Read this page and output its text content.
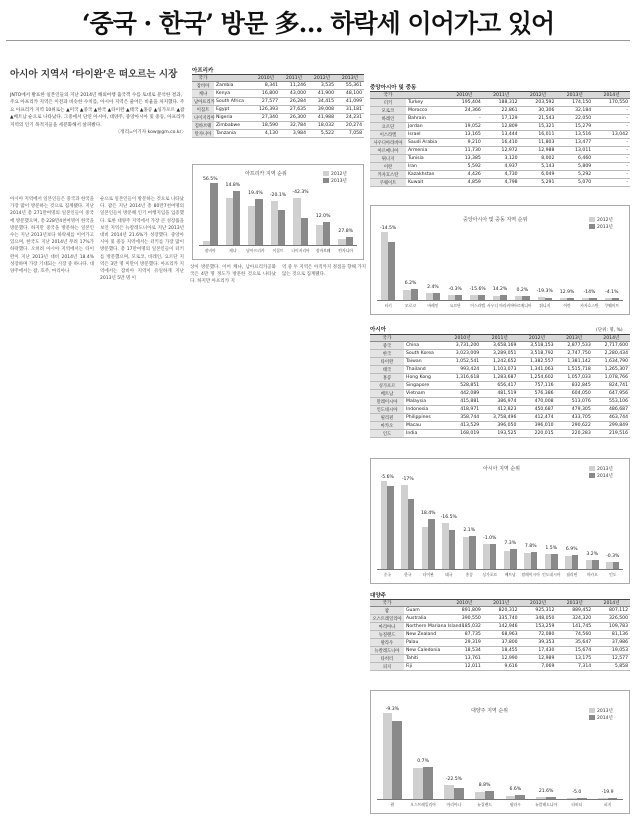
‘중국 · 한국’ 방문 多… 하락세 이어가고 있어
아시아 지역서 ‘타이완’은 떠오르는 시장
JNTO에서 발표한 일본인들의 지난 2014년 해외여행 출국객 수를 토대로 분석한 결과, 주요 아프리카 지역은 이전과 비슷한 수치를, 아시아 지역은 줄어든 비율을 차지했다. 주요 아프리카 지역 10위로는 ▲미국 ▲중국 ▲한국 ▲타이완 ▲태국 ▲홍콩 ▲싱가포르 ▲괌 ▲베트남 순으로 나타났다. 그중에서 단연 아시아, 대양주, 중앙아시아 및 중동, 아프리카 지역의 인기 목적지들을 세분화해서 살펴봤다.
〈정리=이기자 kow@gm.co.kr〉
아시아 지역에서 일본인들은 중국과 한국을 가장 많이 방문하는 것으로 집계됐다. 지난 2014년 총 271만여명의 일본인들이 중국에 방문했으며, 총 228만4천여명이 한국을 방문했다. 하지만 중국을 방문하는 일본인 수는 지난 2013년보다 하락세를 이어가고 있으며, 한국도 지난 2014년 무려 17%가 하락했다. 오히려 아시아 지역에서는 타이완이 지난 2013년 대비 2014년 18.4% 성장하며 가장 기대되는 시장 중 하나다. 대양주에서는 괌, 호주, 마리아나
순으로 일본인들이 방문하는 것으로 나타났다. 괌은 지난 2014년 총 80만7천여명의 일본인들이 방문해 인기 여행지임을 입증했다. 또한 대양주 지역에서 가장 큰 성장률을 보인 지역은 뉴칼레도니아로 지난 2013년 대비 2014년 21.6%가 성장했다. 중앙아시아 및 중동 지역에서는 터키를 가장 많이 방문했다. 총 17만여명의 일본인들이 터키를 방문했으며, 모로코, 바레인, 요르단 지역은 3만 명 미만이 방문했다. 아프리카 지역에서는 잠비아 지역이 유일하게 지난 2013년 5만 명 이
상이 방문했다. 이어 케냐, 남아프리카공화국은 4만 명 정도가 방문한 것으로 나타났다. 하지만 아프리카 지
역 중 두 지역은 아직까지 정점을 향해 가지 않는 것으로 집계됐다.
아프리카
국가		2010년	2011년	2012년	2013년
잠비아	Zambia	8,341	11,246	3,535	55,361
케냐	Kenya	16,800	43,000	41,900	48,100
남아프리카	South Africa	27,577	26,284	34,415	41,099
이집트	Egypt	126,393	27,635	39,008	31,181
나이지리아	Nigeria	27,340	26,300	41,988	24,231
짐바브웨	Zimbabwe	18,590	32,784	18,032	20,274
탄자니아	Tanzania	4,130	3,984	5,522	7,058
아프리카 지역 순위	2012년
2013년
56.5%
잠비아
14.8%
케냐
19.4%
남아프리카
-20.1%
이집트
-42.3%
나이지리아
12.0%
짐바브웨
27.8%
탄자니아
중앙아시아 및 중동
국가		2010년	2011년	2012년	2013년	2014년
터키	Turkey	195,404	188,312	203,592	174,150	170,550
모로코	Morocco	24,366	22,861	30,306	32,184	-
바레인	Bahrain	-	17,129	21,543	22,050	-
요르단	Jordan	19,052	12,809	15,321	15,279	-
이스라엘	Israel	13,165	13,444	16,011	13,516	13,042
사우디아라비아	Saudi Arabia	9,210	16,410	11,803	13,477	-
아르메니아	Armenia	11,730	12,972	12,988	13,011	-
튀니지	Tunisia	13,385	3,120	8,002	6,460	-
이란	Iran	5,592	4,937	5,143	5,809	-
카자흐스탄	Kazakhstan	4,426	4,730	6,049	5,292	-
쿠웨이트	Kuwait	4,859	4,798	5,291	5,070	-
중앙아시아 및 중동 지역 순위	2012년
2013년
-14.5%
터키
6.2%
모로코
2.4%
바레인
-0.3%
요르단
-15.6%
이스라엘
14.2%
사우디 아라비아
0.2%
아르메니아
-19.3%
튀니지
12.9%
이란
-14%
카자흐스탄
-4.1%
쿠웨이트
아시아	(단위: 명, %)
국가		2010년	2011년	2012년	2013년	2014년
중국	China	3,731,200	3,658,169	3,518,153	2,877,533	2,717,600
한국	South Korea	3,023,009	3,289,051	3,518,792	2,747,750	2,280,434
타이완	Taiwan	1,052,541	1,242,652	1,382,557	1,381,142	1,634,790
태국	Thailand	993,424	1,103,073	1,341,063	1,515,718	1,265,307
홍콩	Hong Kong	1,316,618	1,283,687	1,254,602	1,057,033	1,078,766
싱가포르	Singapore	528,851	656,417	757,116	832,845	824,741
베트남	Vietnam	442,089	481,519	576,386	604,050	647,956
말레이시아	Malaysia	415,881	386,974	470,008	513,076	553,106
인도네시아	Indonesia	418,971	412,823	450,687	479,305	486,687
필리핀	Philippines	358,744	3,758,496	412,474	433,705	463,744
마카오	Macau	413,529	396,050	396,010	290,622	299,849
인도	India	168,019	193,525	220,015	220,283	219,516
아시아 지역 순위	2013년
2014년
-5.6%
중국
-17%
한국
18.4%
타이완
-16.5%
태국
2.1%
홍콩
-1.0%
싱가포르
7.3%
베트남
7.8%
말레이시아
1.5%
인도네시아
6.9%
필리핀
3.2%
마카오
-0.3%
인도
대양주
국가		2010년	2011년	2012년	2013년	2014년
괌	Guam	891,809	820,312	925,312	889,452	807,112
오스트레일리아	Australia	390,550	335,740	348,050	324,320	326,500
마리아나	Northern Mariana Islands	185,032	142,946	153,259	141,745	109,783
뉴질랜드	New Zealand	87,735	68,963	72,080	74,560	81,136
팔라우	Palau	29,319	37,800	39,353	35,647	37,986
뉴칼레도니아	New Caledonia	18,534	18,455	17,430	15,674	19,053
타히티	Tahiti	13,761	12,990	12,989	13,175	12,577
피지	Fiji	12,011	9,616	7,069	7,314	5,858
대양주 지역 순위	2013년
2014년
-9.3%
괌
0.7%
오스트레일리아
-22.5%
마리아나
8.8%
뉴질랜드
6.6%
팔라우
21.6%
뉴칼레도니아
-5.0
타히티
-19.9
피지
